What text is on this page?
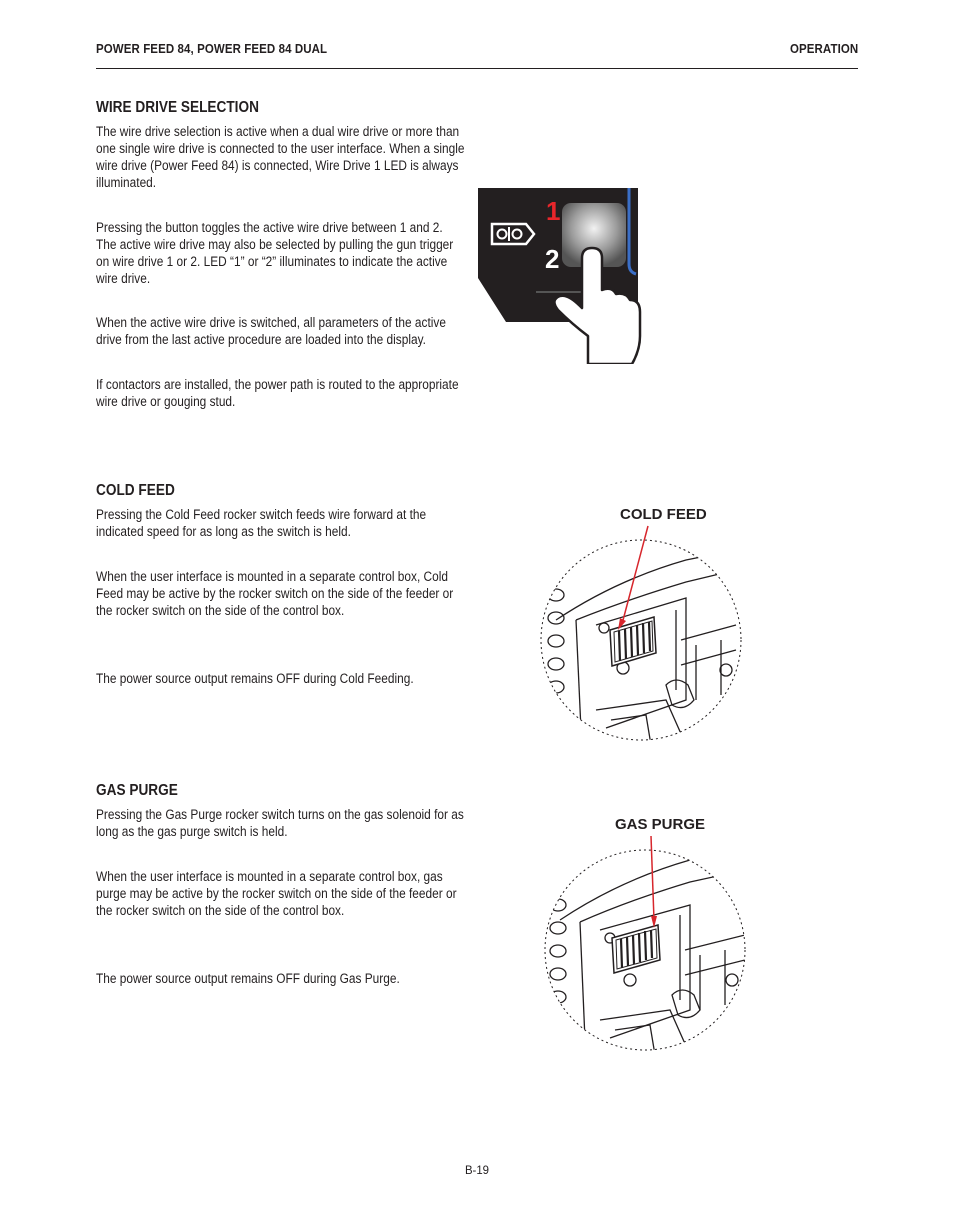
POWER FEED 84, POWER FEED 84 DUAL	OPERATION
WIRE DRIVE SELECTION
The wire drive selection is active when a dual wire drive or more than one single wire drive is connected to the user interface. When a single wire drive (Power Feed 84) is connected, Wire Drive 1 LED is always illuminated.
Pressing the button toggles the active wire drive between 1 and 2. The active wire drive may also be selected by pulling the gun trigger on wire drive 1 or 2. LED “1” or “2” illuminates to indicate the active wire drive.
When the active wire drive is switched, all parameters of the active drive from the last active procedure are loaded into the display.
If contactors are installed, the power path is routed to the appropriate wire drive or gouging stud.
1
2
COLD FEED
Pressing the Cold Feed rocker switch feeds wire forward at the indicated speed for as long as the switch is held.
When the user interface is mounted in a separate control box, Cold Feed may be active by the rocker switch on the side of the feeder or the rocker switch on the side of the control box.
The power source output remains OFF during Cold Feeding.
COLD FEED
GAS PURGE
Pressing the Gas Purge rocker switch turns on the gas solenoid for as long as the gas purge switch is held.
When the user interface is mounted in a separate control box, gas purge may be active by the rocker switch on the side of the feeder or the rocker switch on the side of the control box.
The power source output remains OFF during Gas Purge.
GAS PURGE
B-19
